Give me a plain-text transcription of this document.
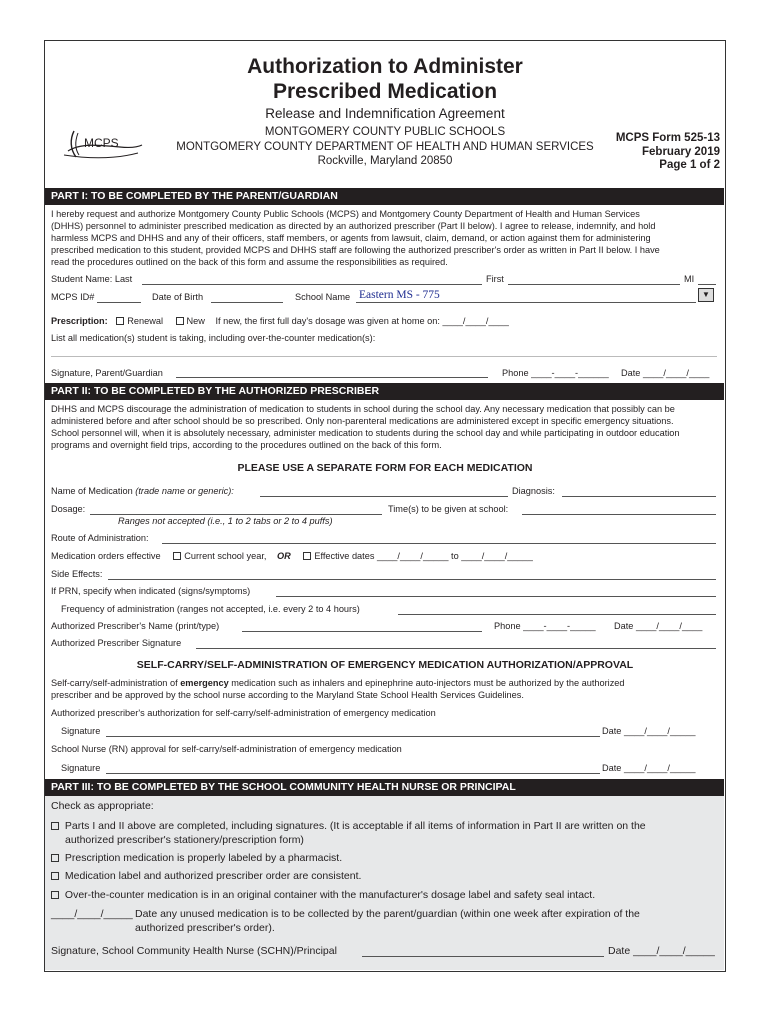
Authorization to Administer
Prescribed Medication
Release and Indemnification Agreement
MONTGOMERY COUNTY PUBLIC SCHOOLS
MONTGOMERY COUNTY DEPARTMENT OF HEALTH AND HUMAN SERVICES
Rockville, Maryland 20850
MCPS Form 525-13
February 2019
Page 1 of 2
MCPS
PART I: TO BE COMPLETED BY THE PARENT/GUARDIAN
I hereby request and authorize Montgomery County Public Schools (MCPS) and Montgomery County Department of Health and Human Services
(DHHS) personnel to administer prescribed medication as directed by an authorized prescriber (Part II below). I agree to release, indemnify, and hold
harmless MCPS and DHHS and any of their officers, staff members, or agents from lawsuit, claim, demand, or action against them for administering
prescribed medication to this student, provided MCPS and DHHS staff are following the authorized prescriber's order as written in Part II below. I have
read the procedures outlined on the back of this form and assume the responsibilities as required.
Student Name: Last	First	MI
MCPS ID#	Date of Birth	School Name Eastern MS - 775	▼
Prescription: Renewal	New If new, the first full day's dosage was given at home on: ____/____/____
List all medication(s) student is taking, including over-the-counter medication(s):
Signature, Parent/Guardian	Phone ____-____-______ Date ____/____/____
PART II: TO BE COMPLETED BY THE AUTHORIZED PRESCRIBER
DHHS and MCPS discourage the administration of medication to students in school during the school day. Any necessary medication that possibly can be
administered before and after school should be so prescribed. Only non-parenteral medications are administered except in specific emergency situations.
School personnel will, when it is absolutely necessary, administer medication to students during the school day and while participating in outdoor education
programs and overnight field trips, according to the procedures outlined on the back of this form.
PLEASE USE A SEPARATE FORM FOR EACH MEDICATION
Name of Medication (trade name or generic):	Diagnosis:
Dosage:	Time(s) to be given at school:
Ranges not accepted (i.e., 1 to 2 tabs or 2 to 4 puffs)
Route of Administration:
Medication orders effective	Current school year, OR	Effective dates ____/____/_____ to ____/____/_____
Side Effects:
If PRN, specify when indicated (signs/symptoms)
Frequency of administration (ranges not accepted, i.e. every 2 to 4 hours)
Authorized Prescriber's Name (print/type)	Phone ____-____-_____ Date ____/____/____
Authorized Prescriber Signature
SELF-CARRY/SELF-ADMINISTRATION OF EMERGENCY MEDICATION AUTHORIZATION/APPROVAL
Self-carry/self-administration of emergency medication such as inhalers and epinephrine auto-injectors must be authorized by the authorized
prescriber and be approved by the school nurse according to the Maryland State School Health Services Guidelines.
Authorized prescriber's authorization for self-carry/self-administration of emergency medication
Signature	Date ____/____/_____
School Nurse (RN) approval for self-carry/self-administration of emergency medication
Signature	Date ____/____/_____
PART III: TO BE COMPLETED BY THE SCHOOL COMMUNITY HEALTH NURSE OR PRINCIPAL
Check as appropriate:
Parts I and II above are completed, including signatures. (It is acceptable if all items of information in Part II are written on the
authorized prescriber's stationery/prescription form)
Prescription medication is properly labeled by a pharmacist.
Medication label and authorized prescriber order are consistent.
Over-the-counter medication is in an original container with the manufacturer's dosage label and safety seal intact.
____/____/_____ Date any unused medication is to be collected by the parent/guardian (within one week after expiration of the
authorized prescriber's order).
Signature, School Community Health Nurse (SCHN)/Principal	Date ____/____/_____
